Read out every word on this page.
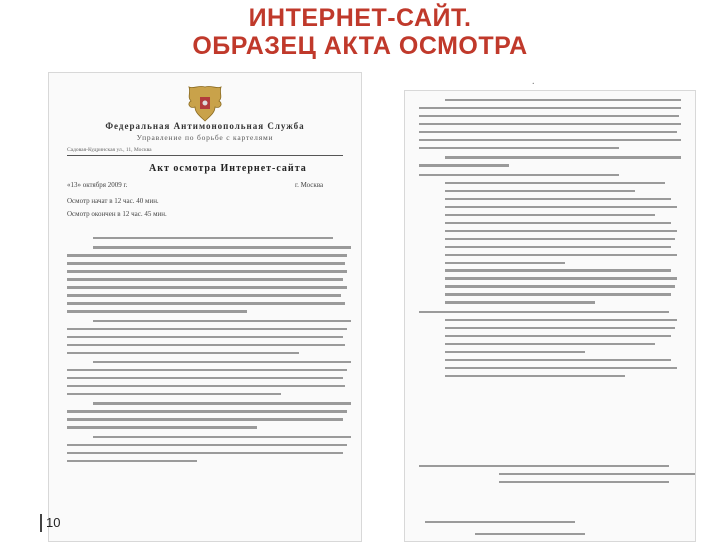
ИНТЕРНЕТ-САЙТ.
ОБРАЗЕЦ АКТА ОСМОТРА
.
Федеральная Антимонопольная Служба
Управление по борьбе с картелями
Садовая-Кудринская ул., 11, Москва
Акт осмотра Интернет-сайта
«13» октября 2009 г.	г. Москва
Осмотр начат в 12 час. 40 мин.
Осмотр окончен в 12 час. 45 мин.
10
